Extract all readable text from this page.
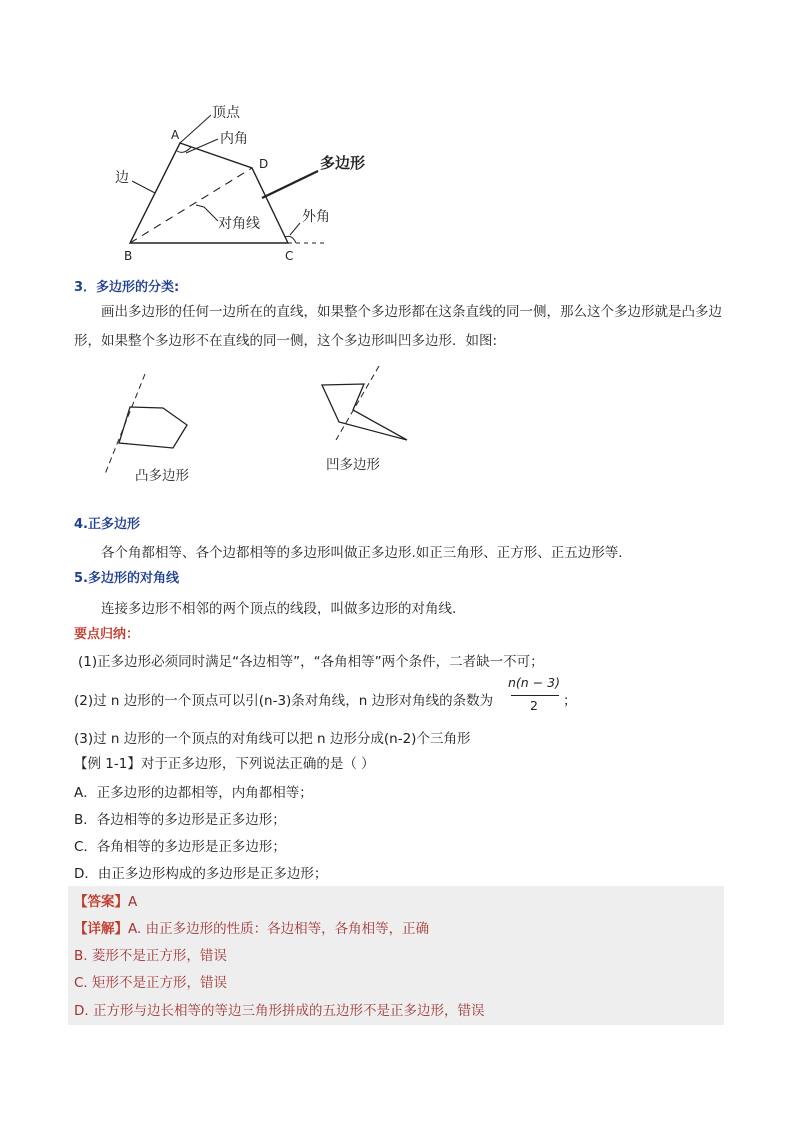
顶点
A	内角
D	多边形
边
对角线	外角
B	C
3．多边形的分类:
画出多边形的任何一边所在的直线，如果整个多边形都在这条直线的同一侧，那么这个多边形就是凸多边形，如果整个多边形不在直线的同一侧，这个多边形叫凹多边形．如图:
凸多边形
凹多边形
4.正多边形
各个角都相等、各个边都相等的多边形叫做正多边形.如正三角形、正方形、正五边形等．
5.多边形的对角线
连接多边形不相邻的两个顶点的线段，叫做多边形的对角线.
要点归纳：
(1)正多边形必须同时满足“各边相等”，“各角相等”两个条件，二者缺一不可；
(2)过 n 边形的一个顶点可以引(n-3)条对角线，n 边形对角线的条数为
n(n − 3)
2	；
(3)过 n 边形的一个顶点的对角线可以把 n 边形分成(n-2)个三角形
【例 1-1】对于正多边形，下列说法正确的是（ ）
A．正多边形的边都相等，内角都相等；
B．各边相等的多边形是正多边形；
C．各角相等的多边形是正多边形；
D．由正多边形构成的多边形是正多边形；
【答案】A
【详解】A. 由正多边形的性质：各边相等，各角相等，正确
B. 菱形不是正方形，错误
C. 矩形不是正方形，错误
D. 正方形与边长相等的等边三角形拼成的五边形不是正多边形，错误
